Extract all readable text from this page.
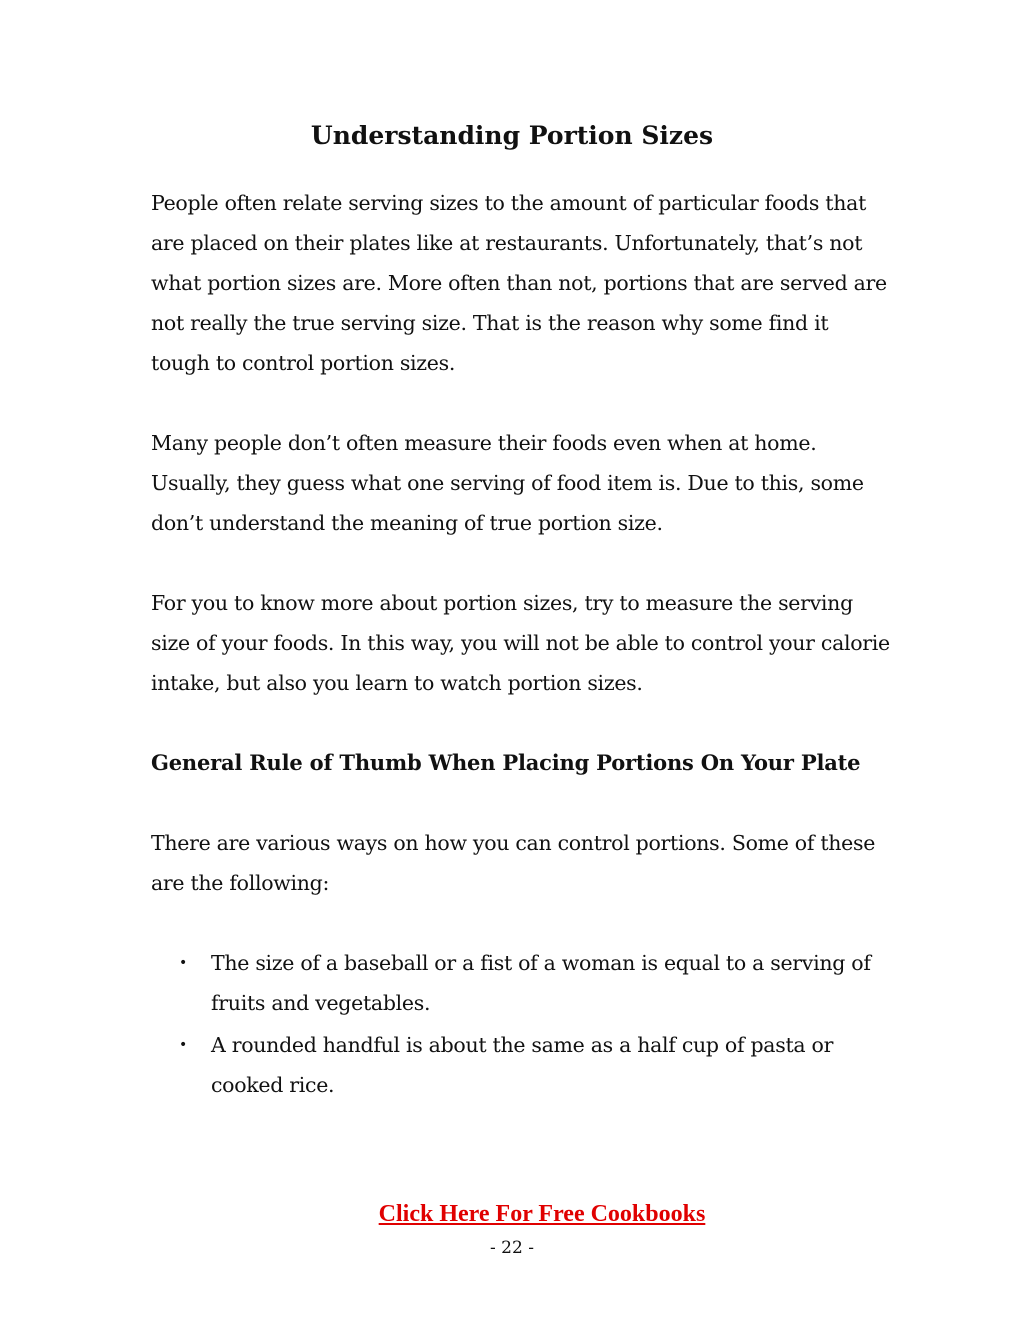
Understanding Portion Sizes

People often relate serving sizes to the amount of particular foods that are placed on their plates like at restaurants. Unfortunately, that’s not what portion sizes are. More often than not, portions that are served are not really the true serving size. That is the reason why some find it tough to control portion sizes.

Many people don’t often measure their foods even when at home. Usually, they guess what one serving of food item is. Due to this, some don’t understand the meaning of true portion size.

For you to know more about portion sizes, try to measure the serving size of your foods. In this way, you will not be able to control your calorie intake, but also you learn to watch portion sizes.

General Rule of Thumb When Placing Portions On Your Plate

There are various ways on how you can control portions. Some of these are the following:

• The size of a baseball or a fist of a woman is equal to a serving of fruits and vegetables.
• A rounded handful is about the same as a half cup of pasta or cooked rice.
Click Here For Free Cookbooks
- 22 -
